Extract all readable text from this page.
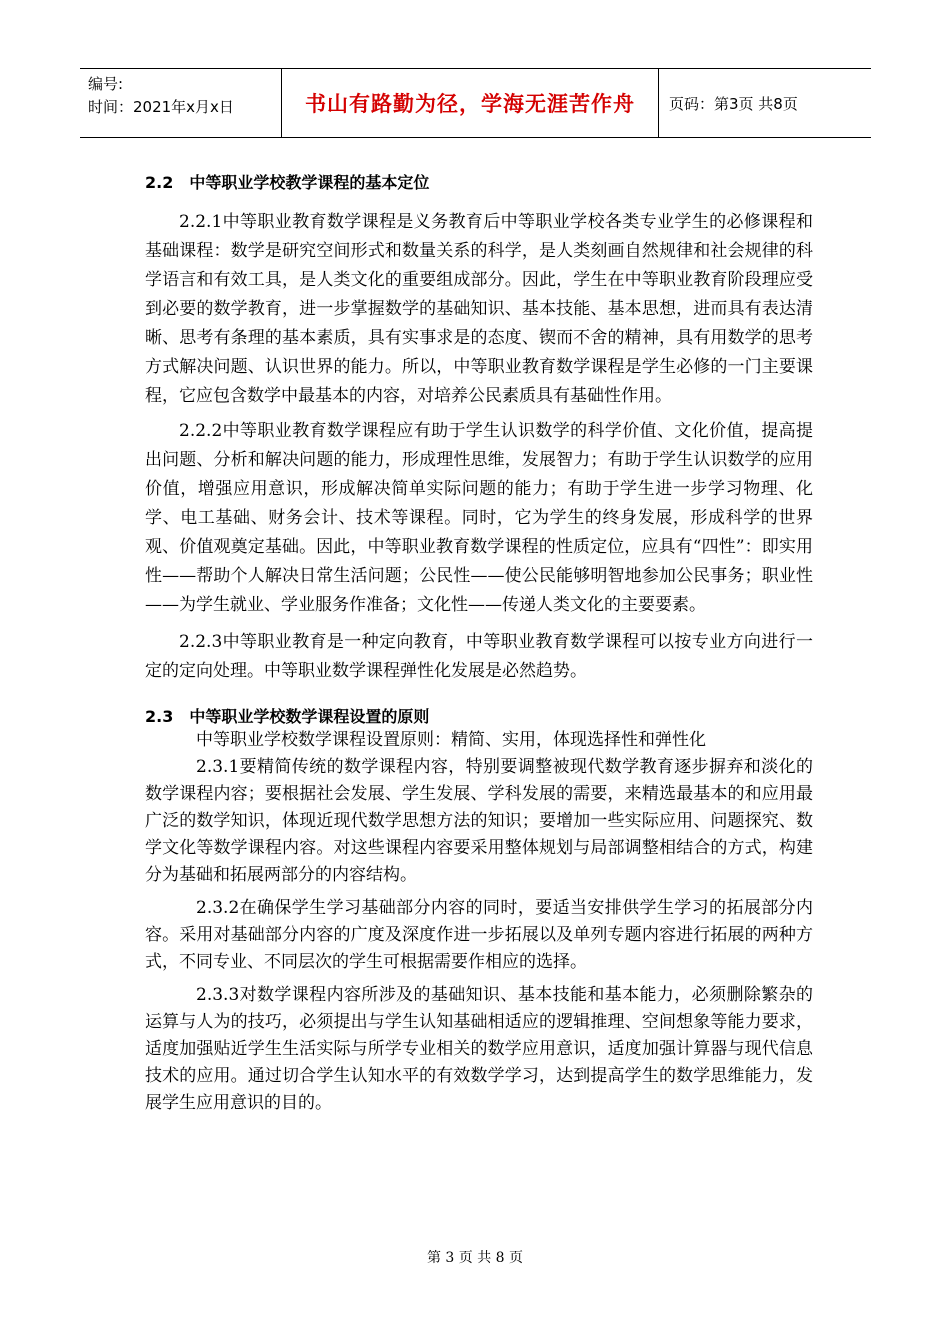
编号:
时间：2021年x月x日	书山有路勤为径，学海无涯苦作舟	页码：第3页 共8页
2.2　中等职业学校教学课程的基本定位

2.2.1中等职业教育数学课程是义务教育后中等职业学校各类专业学生的必修课程和基础课程：数学是研究空间形式和数量关系的科学，是人类刻画自然规律和社会规律的科学语言和有效工具，是人类文化的重要组成部分。因此，学生在中等职业教育阶段理应受到必要的数学教育，进一步掌握数学的基础知识、基本技能、基本思想，进而具有表达清晰、思考有条理的基本素质，具有实事求是的态度、锲而不舍的精神，具有用数学的思考方式解决问题、认识世界的能力。所以，中等职业教育数学课程是学生必修的一门主要课程，它应包含数学中最基本的内容，对培养公民素质具有基础性作用。

2.2.2中等职业教育数学课程应有助于学生认识数学的科学价值、文化价值，提高提出问题、分析和解决问题的能力，形成理性思维，发展智力；有助于学生认识数学的应用价值，增强应用意识，形成解决简单实际问题的能力；有助于学生进一步学习物理、化学、电工基础、财务会计、技术等课程。同时，它为学生的终身发展，形成科学的世界观、价值观奠定基础。因此，中等职业教育数学课程的性质定位，应具有“四性”：即实用性——帮助个人解决日常生活问题；公民性——使公民能够明智地参加公民事务；职业性——为学生就业、学业服务作准备；文化性——传递人类文化的主要要素。

2.2.3中等职业教育是一种定向教育，中等职业教育数学课程可以按专业方向进行一定的定向处理。中等职业数学课程弹性化发展是必然趋势。

2.3　中等职业学校数学课程设置的原则

中等职业学校数学课程设置原则：精简、实用，体现选择性和弹性化

2.3.1要精简传统的数学课程内容，特别要调整被现代数学教育逐步摒弃和淡化的数学课程内容；要根据社会发展、学生发展、学科发展的需要，来精选最基本的和应用最广泛的数学知识，体现近现代数学思想方法的知识；要增加一些实际应用、问题探究、数学文化等数学课程内容。对这些课程内容要采用整体规划与局部调整相结合的方式，构建分为基础和拓展两部分的内容结构。

2.3.2在确保学生学习基础部分内容的同时，要适当安排供学生学习的拓展部分内容。采用对基础部分内容的广度及深度作进一步拓展以及单列专题内容进行拓展的两种方式，不同专业、不同层次的学生可根据需要作相应的选择。

2.3.3对数学课程内容所涉及的基础知识、基本技能和基本能力，必须删除繁杂的运算与人为的技巧，必须提出与学生认知基础相适应的逻辑推理、空间想象等能力要求，适度加强贴近学生生活实际与所学专业相关的数学应用意识，适度加强计算器与现代信息技术的应用。通过切合学生认知水平的有效数学学习，达到提高学生的数学思维能力，发展学生应用意识的目的。

第 3 页 共 8 页
